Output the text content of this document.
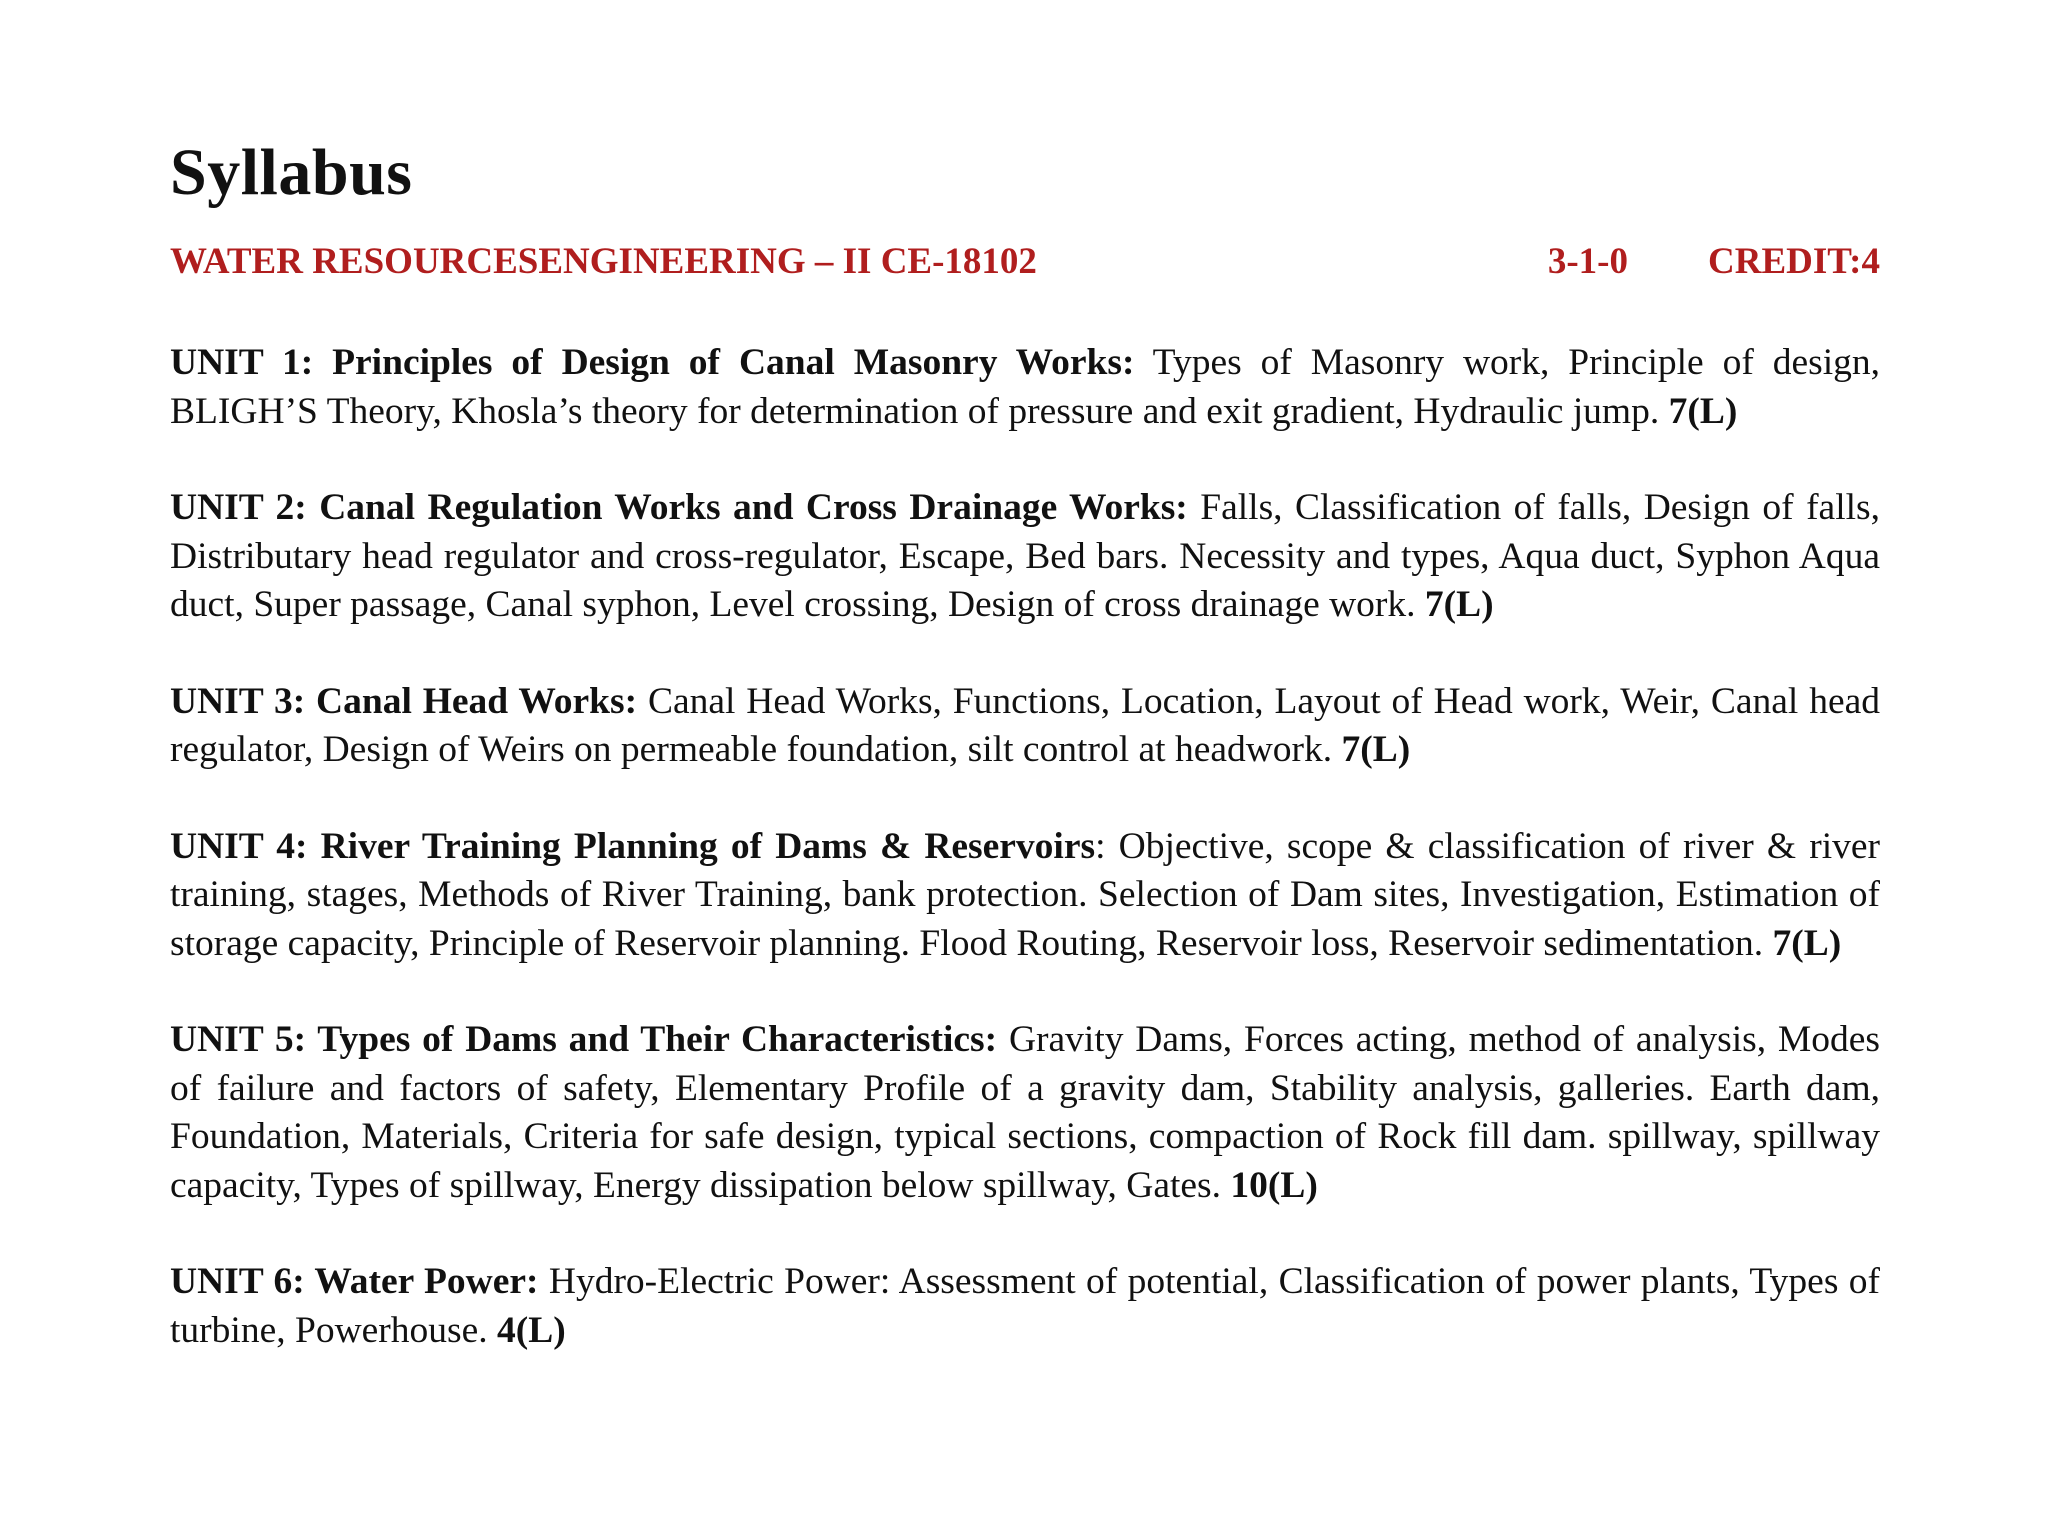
Syllabus
WATER RESOURCESENGINEERING – II CE-18102	3-1-0 CREDIT:4

UNIT 1: Principles of Design of Canal Masonry Works: Types of Masonry work, Principle of design, BLIGH’S Theory, Khosla’s theory for determination of pressure and exit gradient, Hydraulic jump. 7(L)

UNIT 2: Canal Regulation Works and Cross Drainage Works: Falls, Classification of falls, Design of falls, Distributary head regulator and cross-regulator, Escape, Bed bars. Necessity and types, Aqua duct, Syphon Aqua duct, Super passage, Canal syphon, Level crossing, Design of cross drainage work. 7(L)

UNIT 3: Canal Head Works: Canal Head Works, Functions, Location, Layout of Head work, Weir, Canal head regulator, Design of Weirs on permeable foundation, silt control at headwork. 7(L)

UNIT 4: River Training Planning of Dams & Reservoirs: Objective, scope & classification of river & river training, stages, Methods of River Training, bank protection. Selection of Dam sites, Investigation, Estimation of storage capacity, Principle of Reservoir planning. Flood Routing, Reservoir loss, Reservoir sedimentation. 7(L)

UNIT 5: Types of Dams and Their Characteristics: Gravity Dams, Forces acting, method of analysis, Modes of failure and factors of safety, Elementary Profile of a gravity dam, Stability analysis, galleries. Earth dam, Foundation, Materials, Criteria for safe design, typical sections, compaction of Rock fill dam. spillway, spillway capacity, Types of spillway, Energy dissipation below spillway, Gates. 10(L)

UNIT 6: Water Power: Hydro-Electric Power: Assessment of potential, Classification of power plants, Types of turbine, Powerhouse. 4(L)
